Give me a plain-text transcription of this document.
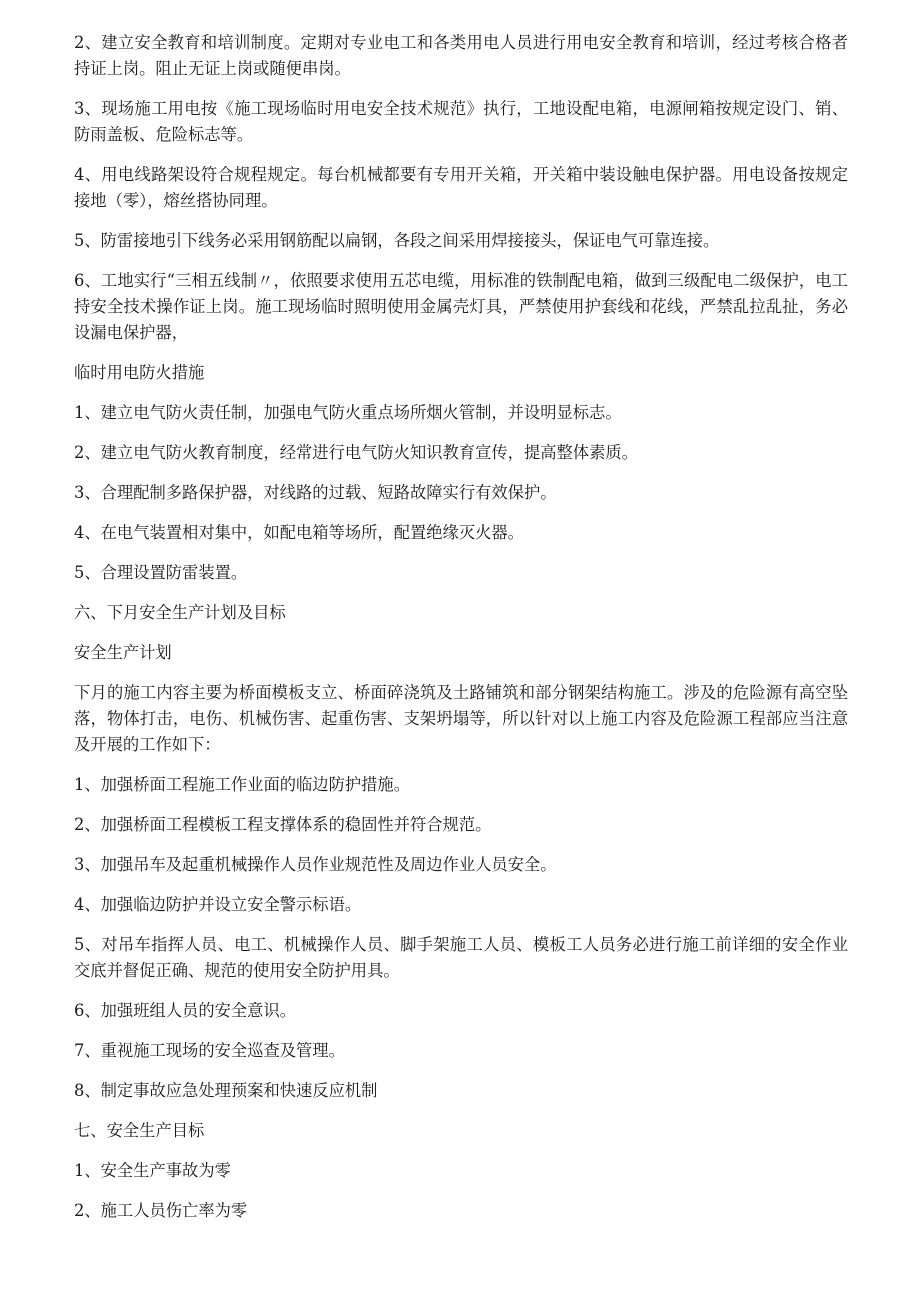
2、建立安全教育和培训制度。定期对专业电工和各类用电人员进行用电安全教育和培训，经过考核合格者持证上岗。阻止无证上岗或随便串岗。

3、现场施工用电按《施工现场临时用电安全技术规范》执行，工地设配电箱，电源闸箱按规定设门、销、防雨盖板、危险标志等。

4、用电线路架设符合规程规定。每台机械都要有专用开关箱，开关箱中装设触电保护器。用电设备按规定接地（零），熔丝搭协同理。

5、防雷接地引下线务必采用钢筋配以扁钢，各段之间采用焊接接头，保证电气可靠连接。

6、工地实行“三相五线制〃，依照要求使用五芯电缆，用标准的铁制配电箱，做到三级配电二级保护，电工持安全技术操作证上岗。施工现场临时照明使用金属壳灯具，严禁使用护套线和花线，严禁乱拉乱扯，务必设漏电保护器，

临时用电防火措施

1、建立电气防火责任制，加强电气防火重点场所烟火管制，并设明显标志。

2、建立电气防火教育制度，经常进行电气防火知识教育宣传，提高整体素质。

3、合理配制多路保护器，对线路的过载、短路故障实行有效保护。

4、在电气装置相对集中，如配电箱等场所，配置绝缘灭火器。

5、合理设置防雷装置。

六、下月安全生产计划及目标

安全生产计划

下月的施工内容主要为桥面模板支立、桥面碎浇筑及土路铺筑和部分钢架结构施工。涉及的危险源有高空坠落，物体打击，电伤、机械伤害、起重伤害、支架坍塌等，所以针对以上施工内容及危险源工程部应当注意及开展的工作如下：

1、加强桥面工程施工作业面的临边防护措施。

2、加强桥面工程模板工程支撑体系的稳固性并符合规范。

3、加强吊车及起重机械操作人员作业规范性及周边作业人员安全。

4、加强临边防护并设立安全警示标语。

5、对吊车指挥人员、电工、机械操作人员、脚手架施工人员、模板工人员务必进行施工前详细的安全作业交底并督促正确、规范的使用安全防护用具。

6、加强班组人员的安全意识。

7、重视施工现场的安全巡查及管理。

8、制定事故应急处理预案和快速反应机制

七、安全生产目标

1、安全生产事故为零

2、施工人员伤亡率为零
